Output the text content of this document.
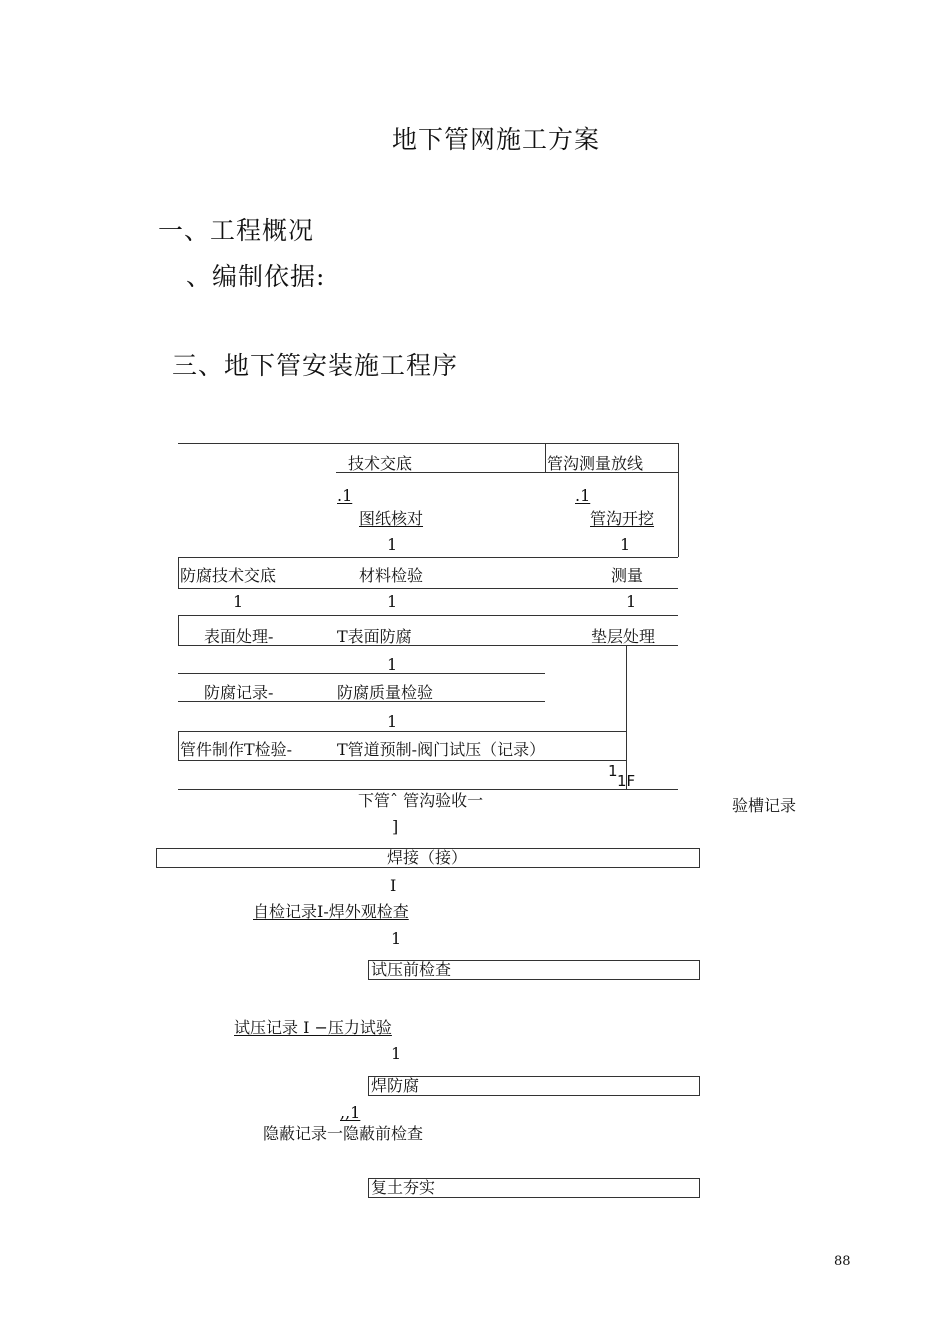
地下管网施工方案
一、工程概况
、编制依据:
三、地下管安装施工程序
技术交底	管沟测量放线
.1	.1
图纸核对	管沟开挖
1	1
防腐技术交底	材料检验	测量
1	1	1
表面处理-	T表面防腐	垫层处理
1
防腐记录-	防腐质量检验
1
管件制作T检验-	T管道预制-阀门试压（记录）
1
1F
下管ˆ 管沟验收一	验槽记录
]
焊接（接）
I
自检记录I-焊外观检查
1
试压前检查
试压记录 I −压力试验
1
焊防腐
,,1
隐蔽记录一隐蔽前检查
复土夯实
88
